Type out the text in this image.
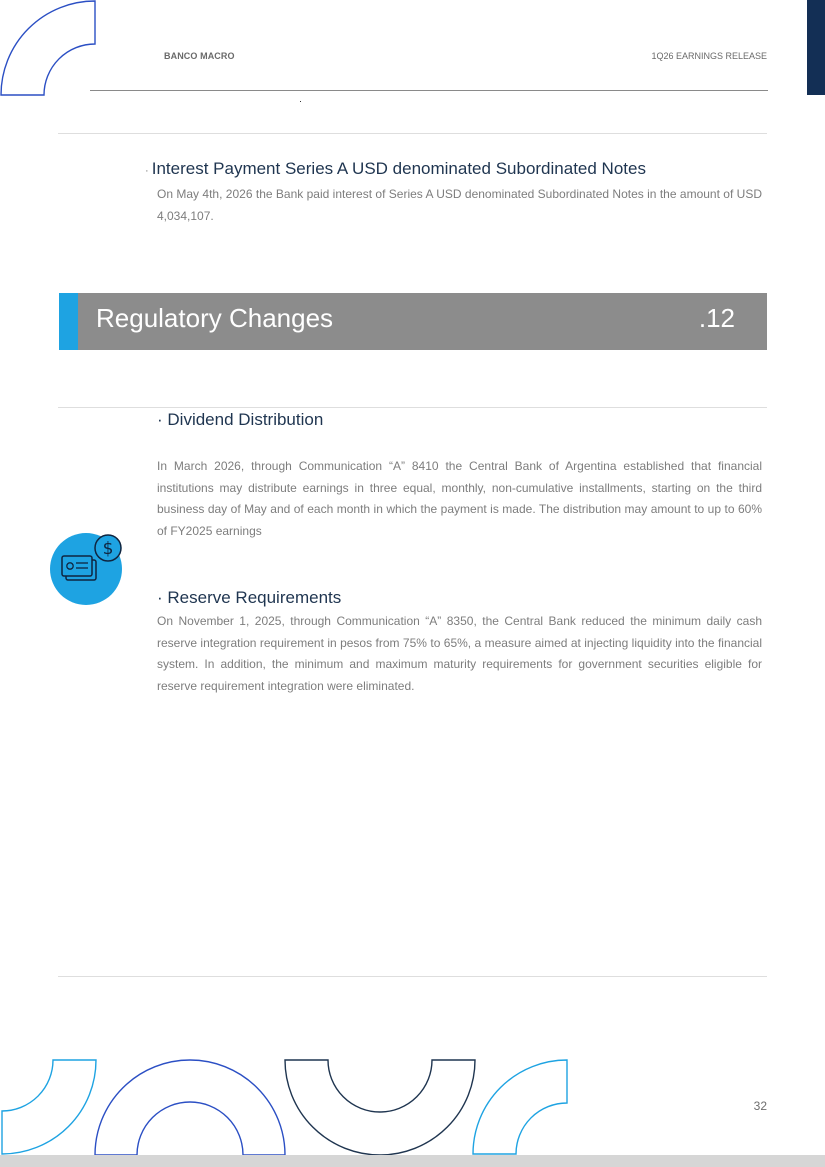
BANCO MACRO	1Q26 EARNINGS RELEASE
· Interest Payment Series A USD denominated Subordinated Notes

On May 4th, 2026 the Bank paid interest of Series A USD denominated Subordinated Notes in the amount of USD 4,034,107.

Regulatory Changes	.12
· Dividend Distribution

In March 2026, through Communication “A” 8410 the Central Bank of Argentina established that financial institutions may distribute earnings in three equal, monthly, non-cumulative installments, starting on the third business day of May and of each month in which the payment is made. The distribution may amount to up to 60% of FY2025 earnings

$
· Reserve Requirements

On November 1, 2025, through Communication “A” 8350, the Central Bank reduced the minimum daily cash reserve integration requirement in pesos from 75% to 65%, a measure aimed at injecting liquidity into the financial system. In addition, the minimum and maximum maturity requirements for government securities eligible for reserve requirement integration were eliminated.

32
